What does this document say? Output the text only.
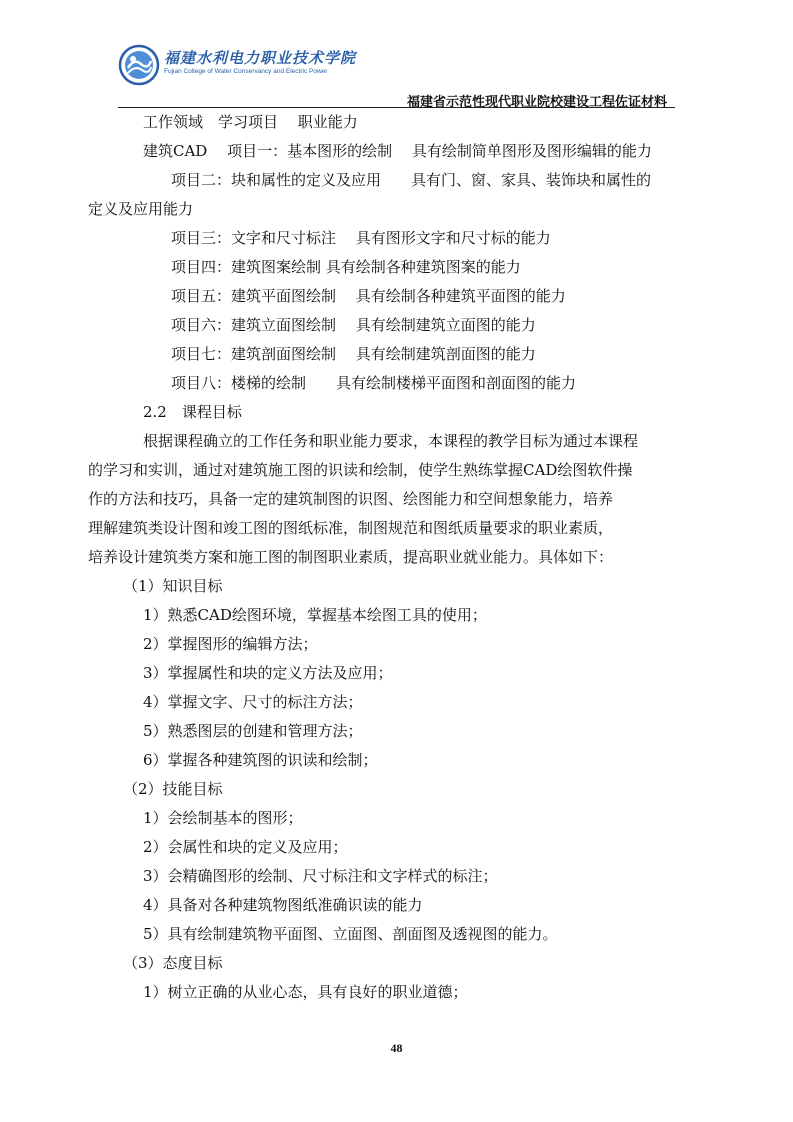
福建水利电力职业技术学院
Fujian College of Water Conservancy and Electric Power
福建省示范性现代职业院校建设工程佐证材料
工作领域　学习项目　 职业能力
建筑CAD　 项目一：基本图形的绘制　 具有绘制简单图形及图形编辑的能力
项目二：块和属性的定义及应用　　具有门、窗、家具、装饰块和属性的
定义及应用能力
项目三：文字和尺寸标注　 具有图形文字和尺寸标的能力
项目四：建筑图案绘制 具有绘制各种建筑图案的能力
项目五：建筑平面图绘制　 具有绘制各种建筑平面图的能力
项目六：建筑立面图绘制　 具有绘制建筑立面图的能力
项目七：建筑剖面图绘制　 具有绘制建筑剖面图的能力
项目八：楼梯的绘制　　具有绘制楼梯平面图和剖面图的能力
2.2　课程目标
根据课程确立的工作任务和职业能力要求，本课程的教学目标为通过本课程
的学习和实训，通过对建筑施工图的识读和绘制，使学生熟练掌握CAD绘图软件操
作的方法和技巧，具备一定的建筑制图的识图、绘图能力和空间想象能力，培养
理解建筑类设计图和竣工图的图纸标准，制图规范和图纸质量要求的职业素质，
培养设计建筑类方案和施工图的制图职业素质，提高职业就业能力。具体如下：
（1）知识目标
1）熟悉CAD绘图环境，掌握基本绘图工具的使用；
2）掌握图形的编辑方法；
3）掌握属性和块的定义方法及应用；
4）掌握文字、尺寸的标注方法；
5）熟悉图层的创建和管理方法；
6）掌握各种建筑图的识读和绘制；
（2）技能目标
1）会绘制基本的图形；
2）会属性和块的定义及应用；
3）会精确图形的绘制、尺寸标注和文字样式的标注；
4）具备对各种建筑物图纸准确识读的能力
5）具有绘制建筑物平面图、立面图、剖面图及透视图的能力。
（3）态度目标
1）树立正确的从业心态，具有良好的职业道德；
48
